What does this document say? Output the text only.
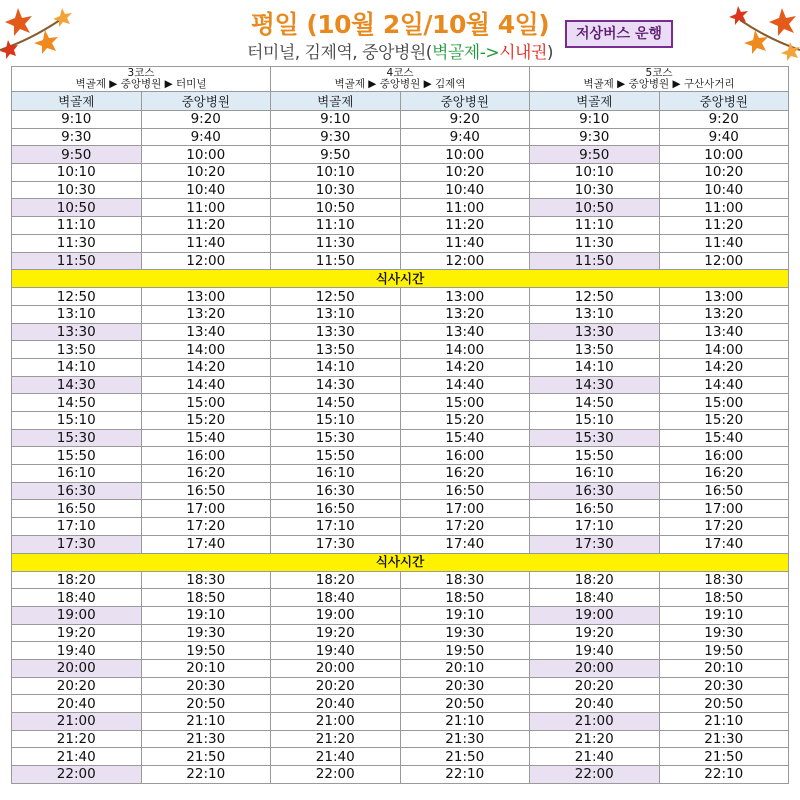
평일 (10월 2일/10월 4일)
터미널, 김제역, 중앙병원(벽골제->시내권)
저상버스 운행
3코스
벽골제 ▶ 중앙병원 ▶ 터미널		4코스
벽골제 ▶ 중앙병원 ▶ 김제역		5코스
벽골제 ▶ 중앙병원 ▶ 구산사거리	
벽골제	중앙병원	벽골제	중앙병원	벽골제	중앙병원
9:10	9:20	9:10	9:20	9:10	9:20
9:30	9:40	9:30	9:40	9:30	9:40
9:50	10:00	9:50	10:00	9:50	10:00
10:10	10:20	10:10	10:20	10:10	10:20
10:30	10:40	10:30	10:40	10:30	10:40
10:50	11:00	10:50	11:00	10:50	11:00
11:10	11:20	11:10	11:20	11:10	11:20
11:30	11:40	11:30	11:40	11:30	11:40
11:50	12:00	11:50	12:00	11:50	12:00
식사시간					
12:50	13:00	12:50	13:00	12:50	13:00
13:10	13:20	13:10	13:20	13:10	13:20
13:30	13:40	13:30	13:40	13:30	13:40
13:50	14:00	13:50	14:00	13:50	14:00
14:10	14:20	14:10	14:20	14:10	14:20
14:30	14:40	14:30	14:40	14:30	14:40
14:50	15:00	14:50	15:00	14:50	15:00
15:10	15:20	15:10	15:20	15:10	15:20
15:30	15:40	15:30	15:40	15:30	15:40
15:50	16:00	15:50	16:00	15:50	16:00
16:10	16:20	16:10	16:20	16:10	16:20
16:30	16:50	16:30	16:50	16:30	16:50
16:50	17:00	16:50	17:00	16:50	17:00
17:10	17:20	17:10	17:20	17:10	17:20
17:30	17:40	17:30	17:40	17:30	17:40
식사시간					
18:20	18:30	18:20	18:30	18:20	18:30
18:40	18:50	18:40	18:50	18:40	18:50
19:00	19:10	19:00	19:10	19:00	19:10
19:20	19:30	19:20	19:30	19:20	19:30
19:40	19:50	19:40	19:50	19:40	19:50
20:00	20:10	20:00	20:10	20:00	20:10
20:20	20:30	20:20	20:30	20:20	20:30
20:40	20:50	20:40	20:50	20:40	20:50
21:00	21:10	21:00	21:10	21:00	21:10
21:20	21:30	21:20	21:30	21:20	21:30
21:40	21:50	21:40	21:50	21:40	21:50
22:00	22:10	22:00	22:10	22:00	22:10
